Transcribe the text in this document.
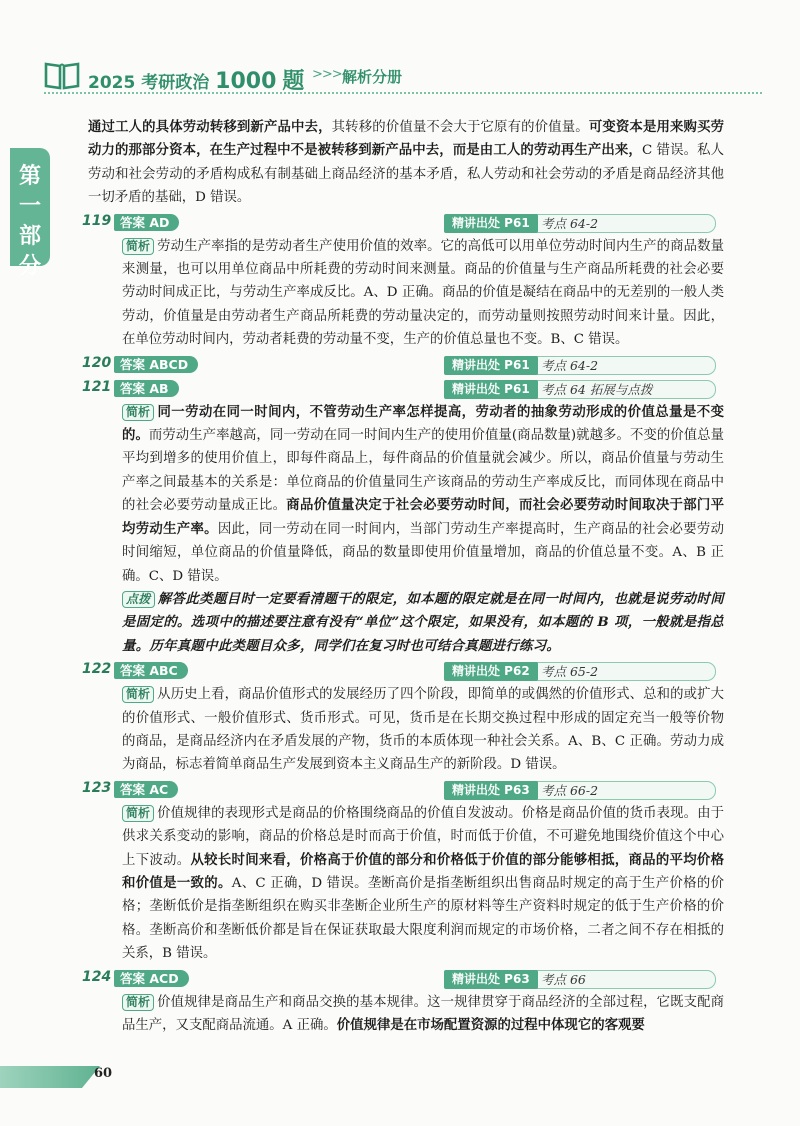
2025 考研政治 1000 题 >>> 解析分册
第一部分

通过工人的具体劳动转移到新产品中去，其转移的价值量不会大于它原有的价值量。可变资本是用来购买劳动力的那部分资本，在生产过程中不是被转移到新产品中去，而是由工人的劳动再生产出来，C 错误。私人劳动和社会劳动的矛盾构成私有制基础上商品经济的基本矛盾，私人劳动和社会劳动的矛盾是商品经济其他一切矛盾的基础，D 错误。

119 答案 AD	精讲出处 P61 考点 64-2

简析 劳动生产率指的是劳动者生产使用价值的效率。它的高低可以用单位劳动时间内生产的商品数量来测量，也可以用单位商品中所耗费的劳动时间来测量。商品的价值量与生产商品所耗费的社会必要劳动时间成正比，与劳动生产率成反比。A、D 正确。商品的价值是凝结在商品中的无差别的一般人类劳动，价值量是由劳动者生产商品所耗费的劳动量决定的，而劳动量则按照劳动时间来计量。因此，在单位劳动时间内，劳动者耗费的劳动量不变，生产的价值总量也不变。B、C 错误。

120 答案 ABCD	精讲出处 P61 考点 64-2
121 答案 AB	精讲出处 P61 考点 64 拓展与点拨

简析 同一劳动在同一时间内，不管劳动生产率怎样提高，劳动者的抽象劳动形成的价值总量是不变的。而劳动生产率越高，同一劳动在同一时间内生产的使用价值量(商品数量)就越多。不变的价值总量平均到增多的使用价值上，即每件商品上，每件商品的价值量就会减少。所以，商品价值量与劳动生产率之间最基本的关系是：单位商品的价值量同生产该商品的劳动生产率成反比，而同体现在商品中的社会必要劳动量成正比。商品价值量决定于社会必要劳动时间，而社会必要劳动时间取决于部门平均劳动生产率。因此，同一劳动在同一时间内，当部门劳动生产率提高时，生产商品的社会必要劳动时间缩短，单位商品的价值量降低，商品的数量即使用价值量增加，商品的价值总量不变。A、B 正确。C、D 错误。

点拨 解答此类题目时一定要看清题干的限定，如本题的限定就是在同一时间内，也就是说劳动时间是固定的。选项中的描述要注意有没有“单位”这个限定，如果没有，如本题的 B 项，一般就是指总量。历年真题中此类题目众多，同学们在复习时也可结合真题进行练习。

122 答案 ABC	精讲出处 P62 考点 65-2

简析 从历史上看，商品价值形式的发展经历了四个阶段，即简单的或偶然的价值形式、总和的或扩大的价值形式、一般价值形式、货币形式。可见，货币是在长期交换过程中形成的固定充当一般等价物的商品，是商品经济内在矛盾发展的产物，货币的本质体现一种社会关系。A、B、C 正确。劳动力成为商品，标志着简单商品生产发展到资本主义商品生产的新阶段。D 错误。

123 答案 AC	精讲出处 P63 考点 66-2

简析 价值规律的表现形式是商品的价格围绕商品的价值自发波动。价格是商品价值的货币表现。由于供求关系变动的影响，商品的价格总是时而高于价值，时而低于价值，不可避免地围绕价值这个中心上下波动。从较长时间来看，价格高于价值的部分和价格低于价值的部分能够相抵，商品的平均价格和价值是一致的。A、C 正确，D 错误。垄断高价是指垄断组织出售商品时规定的高于生产价格的价格；垄断低价是指垄断组织在购买非垄断企业所生产的原材料等生产资料时规定的低于生产价格的价格。垄断高价和垄断低价都是旨在保证获取最大限度利润而规定的市场价格，二者之间不存在相抵的关系，B 错误。

124 答案 ACD	精讲出处 P63 考点 66

简析 价值规律是商品生产和商品交换的基本规律。这一规律贯穿于商品经济的全部过程，它既支配商品生产，又支配商品流通。A 正确。价值规律是在市场配置资源的过程中体现它的客观要

60
